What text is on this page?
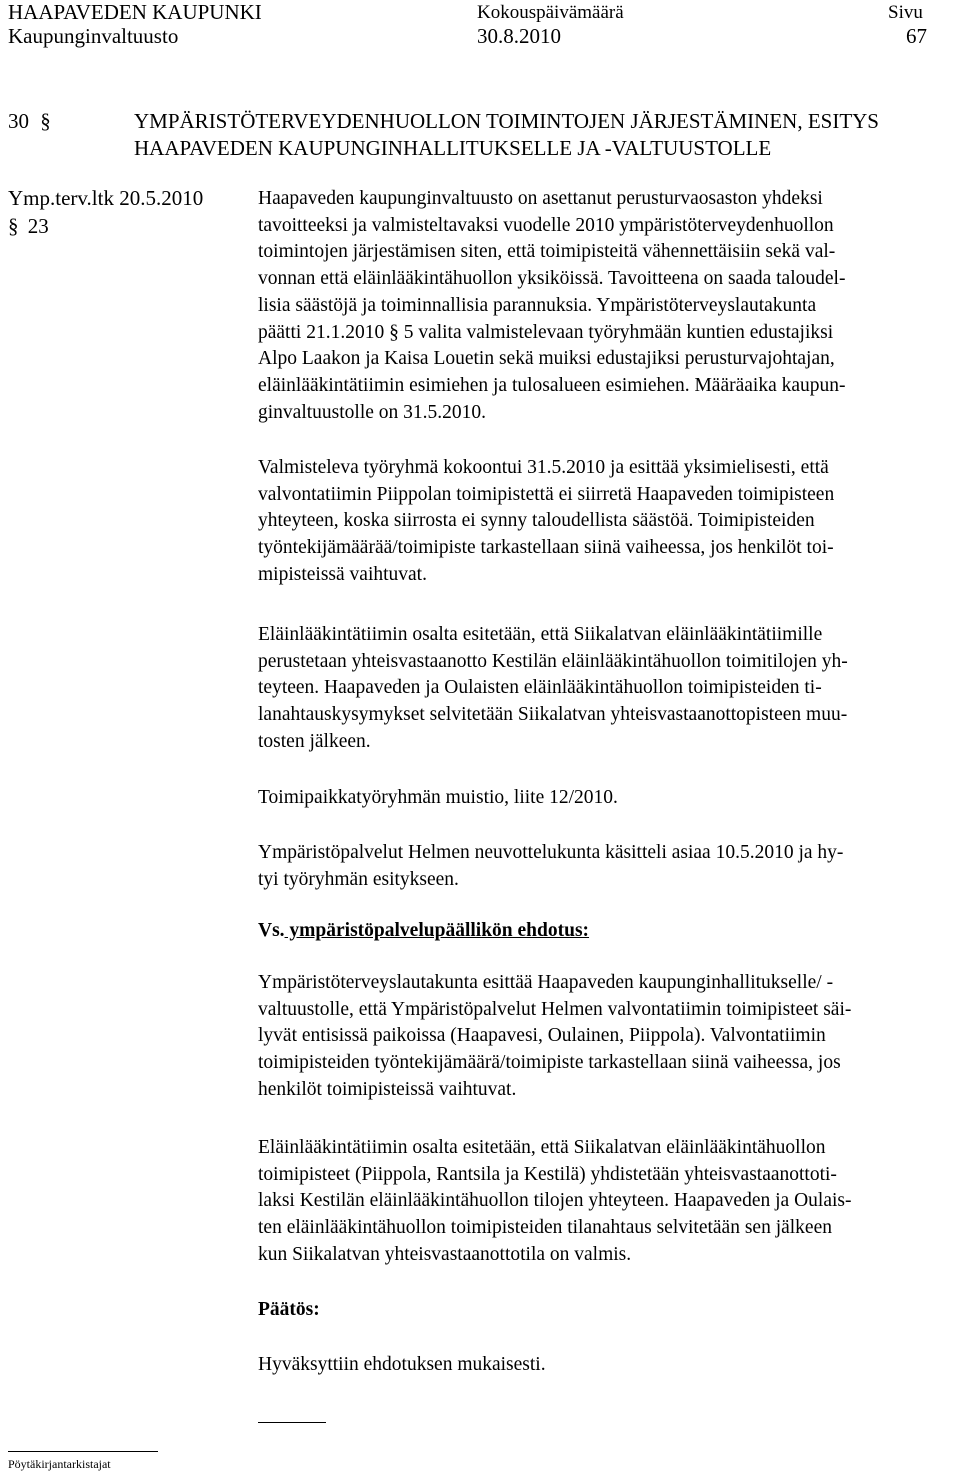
HAAPAVEDEN KAUPUNKI
Kaupunginvaltuusto
Kokouspäivämäärä
30.8.2010
Sivu
67
30 §	YMPÄRISTÖTERVEYDENHUOLLON TOIMINTOJEN JÄRJESTÄMINEN, ESITYS
HAAPAVEDEN KAUPUNGINHALLITUKSELLE JA -VALTUUSTOLLE
Ymp.terv.ltk 20.5.2010
§ 23

Haapaveden kaupunginvaltuusto on asettanut perusturvaosaston yhdeksi

tavoitteeksi ja valmisteltavaksi vuodelle 2010 ympäristöterveydenhuollon

toimintojen järjestämisen siten, että toimipisteitä vähennettäisiin sekä val-

vonnan että eläinlääkintähuollon yksiköissä. Tavoitteena on saada taloudel-

lisia säästöjä ja toiminnallisia parannuksia. Ympäristöterveyslautakunta

päätti 21.1.2010 § 5 valita valmistelevaan työryhmään kuntien edustajiksi

Alpo Laakon ja Kaisa Louetin sekä muiksi edustajiksi perusturvajohtajan,

eläinlääkintätiimin esimiehen ja tulosalueen esimiehen. Määräaika kaupun-

ginvaltuustolle on 31.5.2010.

Valmisteleva työryhmä kokoontui 31.5.2010 ja esittää yksimielisesti, että

valvontatiimin Piippolan toimipistettä ei siirretä Haapaveden toimipisteen

yhteyteen, koska siirrosta ei synny taloudellista säästöä. Toimipisteiden

työntekijämäärää/toimipiste tarkastellaan siinä vaiheessa, jos henkilöt toi-

mipisteissä vaihtuvat.

Eläinlääkintätiimin osalta esitetään, että Siikalatvan eläinlääkintätiimille

perustetaan yhteisvastaanotto Kestilän eläinlääkintähuollon toimitilojen yh-

teyteen. Haapaveden ja Oulaisten eläinlääkintähuollon toimipisteiden ti-

lanahtauskysymykset selvitetään Siikalatvan yhteisvastaanottopisteen muu-

tosten jälkeen.

Toimipaikkatyöryhmän muistio, liite 12/2010.

Ympäristöpalvelut Helmen neuvottelukunta käsitteli asiaa 10.5.2010 ja hy-

tyi työryhmän esitykseen.

Vs. ympäristöpalvelupäällikön ehdotus:

Ympäristöterveyslautakunta esittää Haapaveden kaupunginhallitukselle/ -

valtuustolle, että Ympäristöpalvelut Helmen valvontatiimin toimipisteet säi-

lyvät entisissä paikoissa (Haapavesi, Oulainen, Piippola). Valvontatiimin

toimipisteiden työntekijämäärä/toimipiste tarkastellaan siinä vaiheessa, jos

henkilöt toimipisteissä vaihtuvat.

Eläinlääkintätiimin osalta esitetään, että Siikalatvan eläinlääkintähuollon

toimipisteet (Piippola, Rantsila ja Kestilä) yhdistetään yhteisvastaanottoti-

laksi Kestilän eläinlääkintähuollon tilojen yhteyteen. Haapaveden ja Oulais-

ten eläinlääkintähuollon toimipisteiden tilanahtaus selvitetään sen jälkeen

kun Siikalatvan yhteisvastaanottotila on valmis.

Päätös:
Hyväksyttiin ehdotuksen mukaisesti.
Pöytäkirjantarkistajat
